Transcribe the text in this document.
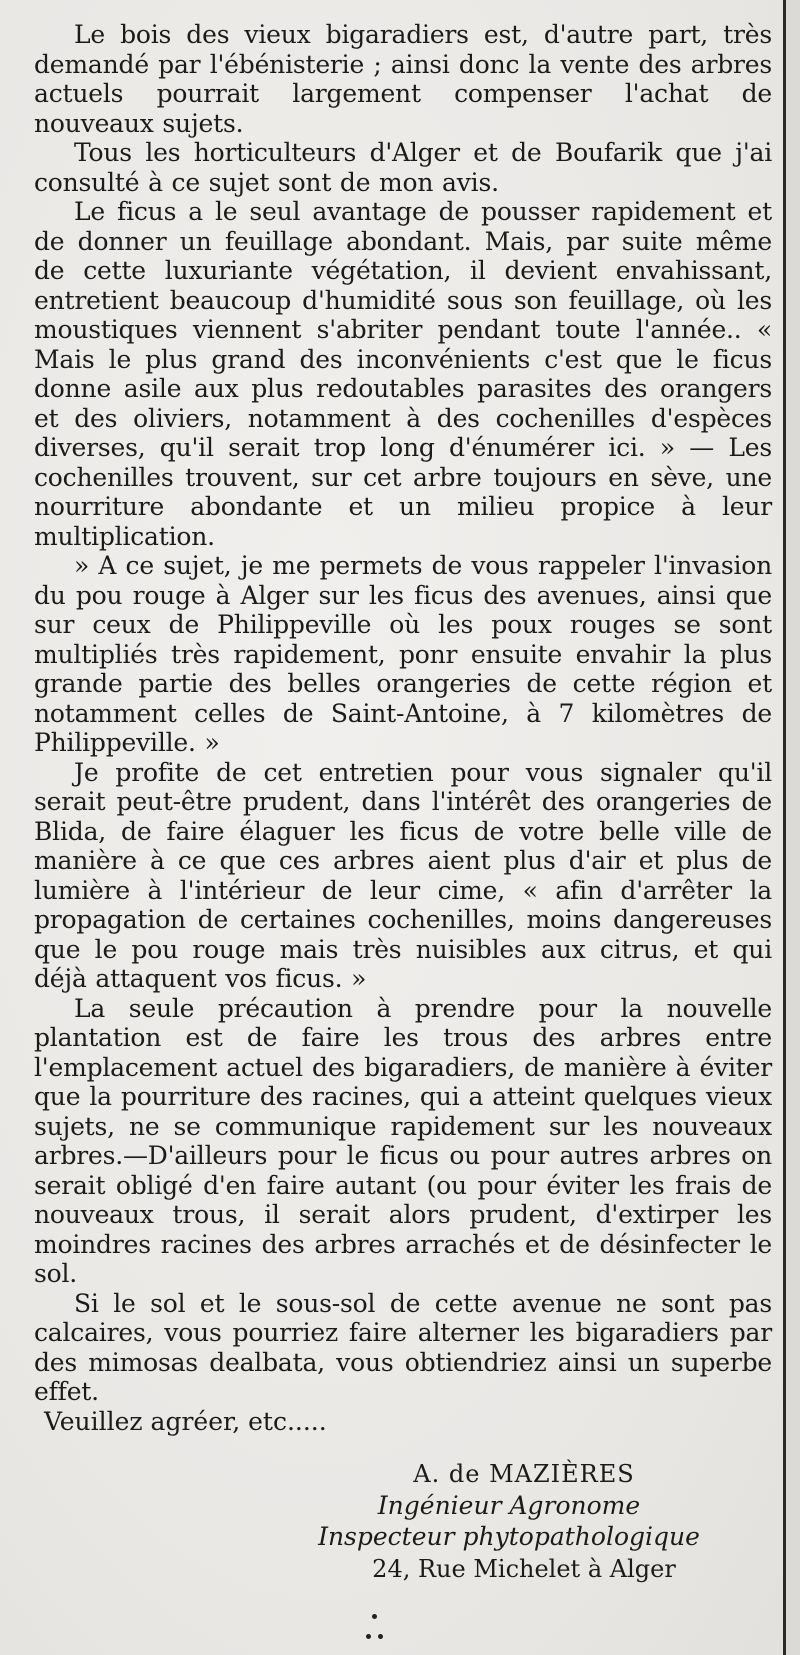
Le bois des vieux bigaradiers est, d'autre part, très demandé par l'ébénisterie ; ainsi donc la vente des arbres actuels pourrait largement compenser l'achat de nouveaux sujets.

Tous les horticulteurs d'Alger et de Boufarik que j'ai consulté à ce sujet sont de mon avis.

Le ficus a le seul avantage de pousser rapidement et de donner un feuillage abondant. Mais, par suite même de cette luxuriante végétation, il devient envahissant, entretient beaucoup d'humidité sous son feuillage, où les moustiques viennent s'abriter pendant toute l'année.. « Mais le plus grand des inconvénients c'est que le ficus donne asile aux plus redoutables parasites des orangers et des oliviers, notamment à des cochenilles d'espèces diverses, qu'il serait trop long d'énumérer ici. » — Les cochenilles trouvent, sur cet arbre toujours en sève, une nourriture abondante et un milieu propice à leur multiplication.

» A ce sujet, je me permets de vous rappeler l'invasion du pou rouge à Alger sur les ficus des avenues, ainsi que sur ceux de Philippeville où les poux rouges se sont multipliés très rapidement, ponr ensuite envahir la plus grande partie des belles orangeries de cette région et notamment celles de Saint-Antoine, à 7 kilomètres de Philippeville. »

Je profite de cet entretien pour vous signaler qu'il serait peut-être prudent, dans l'intérêt des orangeries de Blida, de faire élaguer les ficus de votre belle ville de manière à ce que ces arbres aient plus d'air et plus de lumière à l'intérieur de leur cime, « afin d'arrêter la propagation de certaines cochenilles, moins dangereuses que le pou rouge mais très nuisibles aux citrus, et qui déjà attaquent vos ficus. »

La seule précaution à prendre pour la nouvelle plantation est de faire les trous des arbres entre l'emplacement actuel des bigaradiers, de manière à éviter que la pourriture des racines, qui a atteint quelques vieux sujets, ne se communique rapidement sur les nouveaux arbres.—D'ailleurs pour le ficus ou pour autres arbres on serait obligé d'en faire autant (ou pour éviter les frais de nouveaux trous, il serait alors prudent, d'extirper les moindres racines des arbres arrachés et de désinfecter le sol.

Si le sol et le sous-sol de cette avenue ne sont pas calcaires, vous pourriez faire alterner les bigaradiers par des mimosas dealbata, vous obtiendriez ainsi un superbe effet.

Veuillez agréer, etc.....

A. de MAZIÈRES
Ingénieur Agronome
Inspecteur phytopathologique
24, Rue Michelet à Alger
